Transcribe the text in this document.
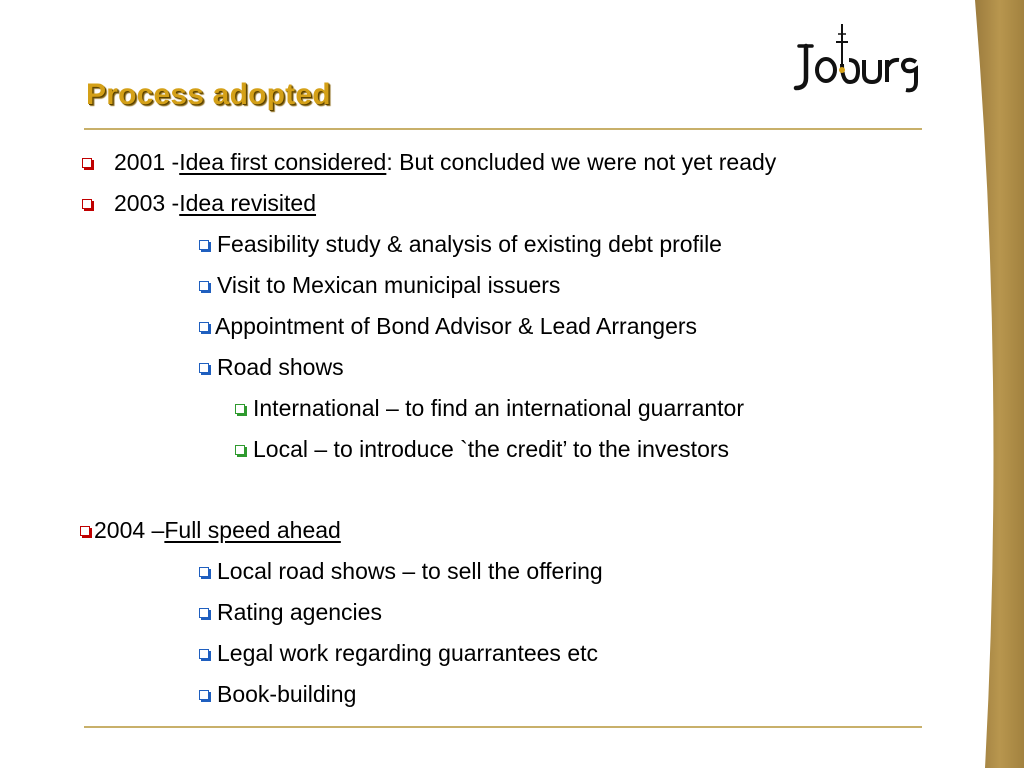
Process adopted
2001 - Idea first considered : But concluded we were not yet ready
2003 - Idea revisited
Feasibility study & analysis of existing debt profile
Visit to Mexican municipal issuers
Appointment of Bond Advisor & Lead Arrangers
Road shows
International – to find an international guarrantor
Local – to introduce `the credit’ to the investors
2004 – Full speed ahead
Local road shows – to sell the offering
Rating agencies
Legal work regarding guarrantees etc
Book-building
